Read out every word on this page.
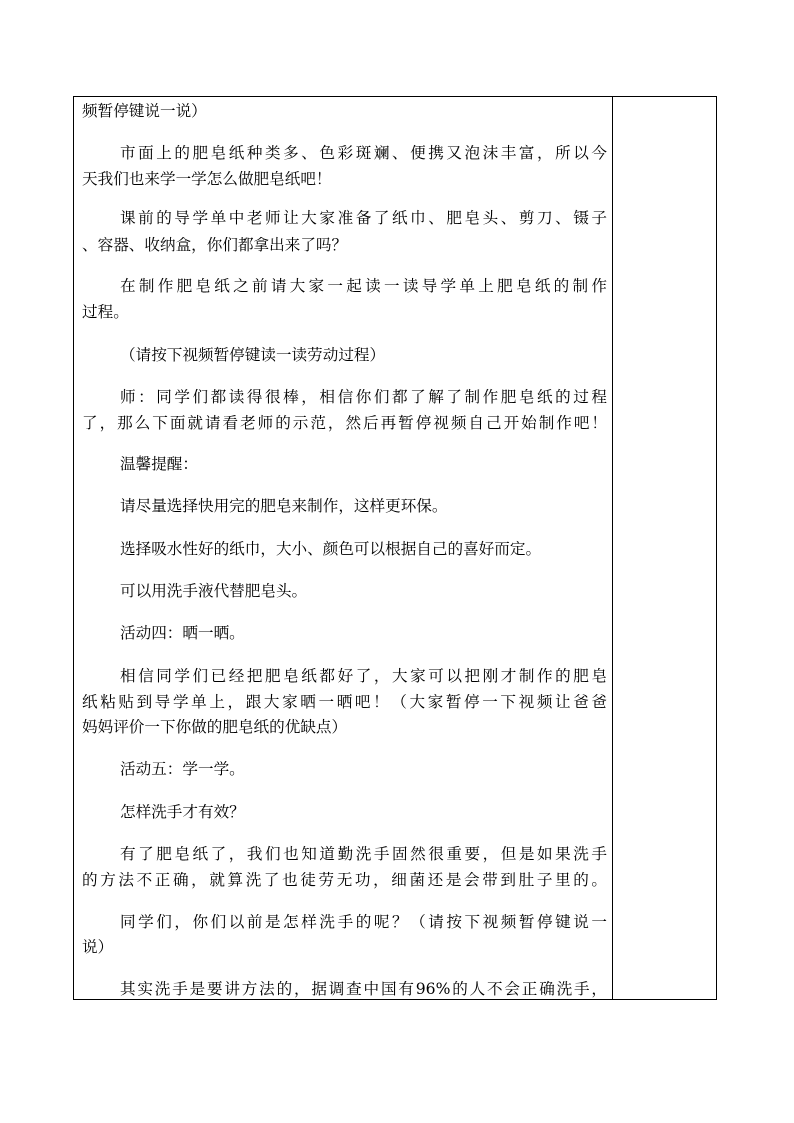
频暂停键说一说）

市面上的肥皂纸种类多、色彩斑斓、便携又泡沫丰富，所以今

天我们也来学一学怎么做肥皂纸吧！

课前的导学单中老师让大家准备了纸巾、肥皂头、剪刀、镊子

、容器、收纳盒，你们都拿出来了吗？

在制作肥皂纸之前请大家一起读一读导学单上肥皂纸的制作

过程。

（请按下视频暂停键读一读劳动过程）

师：同学们都读得很棒，相信你们都了解了制作肥皂纸的过程

了，那么下面就请看老师的示范，然后再暂停视频自己开始制作吧！

温馨提醒：

请尽量选择快用完的肥皂来制作，这样更环保。

选择吸水性好的纸巾，大小、颜色可以根据自己的喜好而定。

可以用洗手液代替肥皂头。

活动四：晒一晒。

相信同学们已经把肥皂纸都好了，大家可以把刚才制作的肥皂

纸粘贴到导学单上，跟大家晒一晒吧！（大家暂停一下视频让爸爸

妈妈评价一下你做的肥皂纸的优缺点）

活动五：学一学。

怎样洗手才有效？

有了肥皂纸了，我们也知道勤洗手固然很重要，但是如果洗手

的方法不正确，就算洗了也徒劳无功，细菌还是会带到肚子里的。

同学们，你们以前是怎样洗手的呢？（请按下视频暂停键说一

说）

其实洗手是要讲方法的，据调查中国有96%的人不会正确洗手，
